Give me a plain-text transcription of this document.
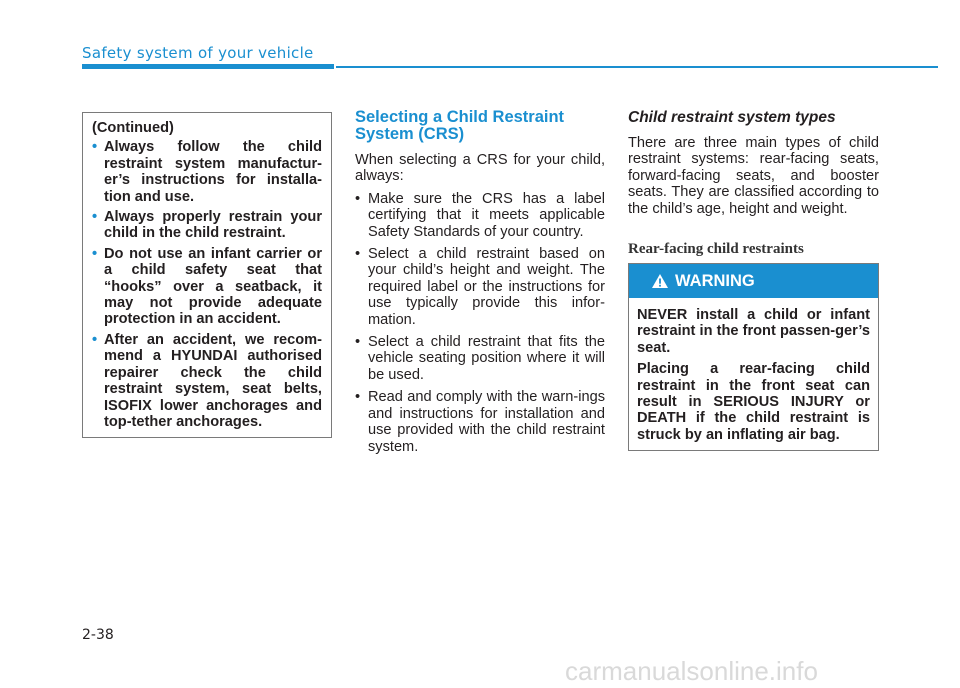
Safety system of your vehicle
(Continued)
• Always follow the child restraint system manufactur-er’s instructions for installa-tion and use.
• Always properly restrain your child in the child restraint.
• Do not use an infant carrier or a child safety seat that “hooks” over a seatback, it may not provide adequate protection in an accident.
• After an accident, we recom-mend a HYUNDAI authorised repairer check the child restraint system, seat belts, ISOFIX lower anchorages and top-tether anchorages.
Selecting a Child Restraint System (CRS)
When selecting a CRS for your child, always:
• Make sure the CRS has a label certifying that it meets applicable Safety Standards of your country.
• Select a child restraint based on your child’s height and weight. The required label or the instructions for use typically provide this infor-mation.
• Select a child restraint that fits the vehicle seating position where it will be used.
• Read and comply with the warn-ings and instructions for installation and use provided with the child restraint system.
Child restraint system types
There are three main types of child restraint systems: rear-facing seats, forward-facing seats, and booster seats. They are classified according to the child’s age, height and weight.
Rear-facing child restraints
WARNING

NEVER install a child or infant restraint in the front passen-ger’s seat.

Placing a rear-facing child restraint in the front seat can result in SERIOUS INJURY or DEATH if the child restraint is struck by an inflating air bag.

2-38
carmanualsonline.info
